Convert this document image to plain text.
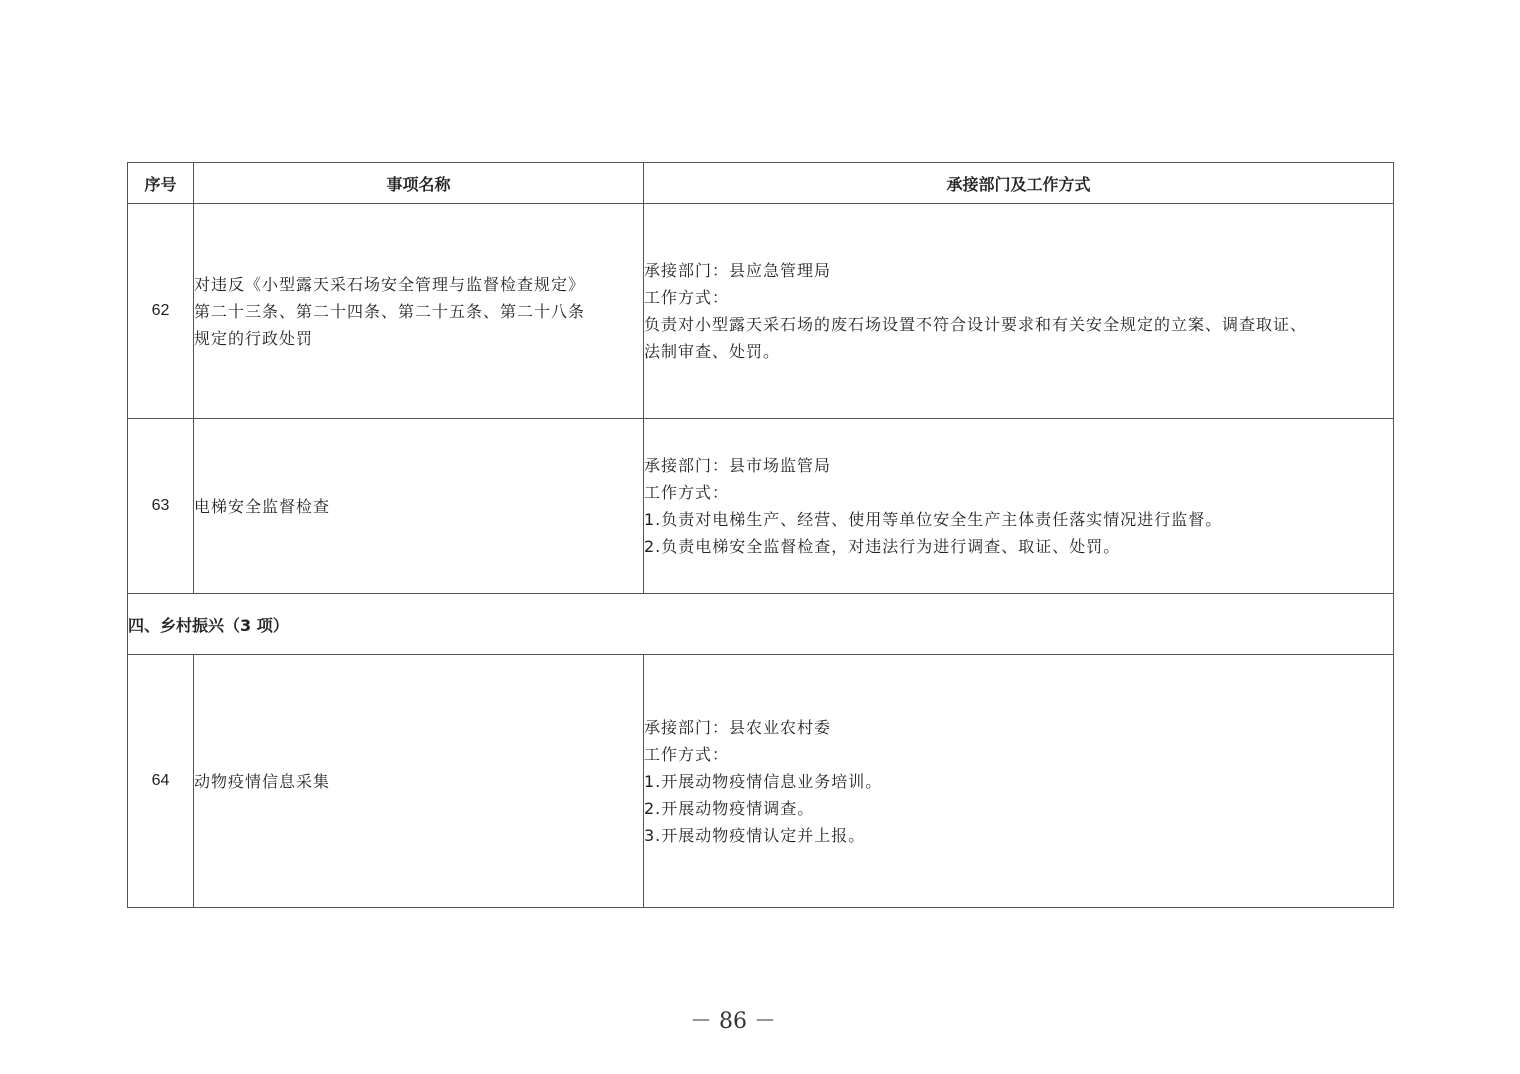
序号	事项名称	承接部门及工作方式
62	对违反《小型露天采石场安全管理与监督检查规定》
第二十三条、第二十四条、第二十五条、第二十八条
规定的行政处罚	承接部门：县应急管理局
工作方式：
负责对小型露天采石场的废石场设置不符合设计要求和有关安全规定的立案、调查取证、
法制审查、处罚。

63	电梯安全监督检查	承接部门：县市场监管局
工作方式：
1.负责对电梯生产、经营、使用等单位安全生产主体责任落实情况进行监督。
2.负责电梯安全监督检查，对违法行为进行调查、取证、处罚。

四、乡村振兴（3 项）		
64	动物疫情信息采集	承接部门：县农业农村委
工作方式：
1.开展动物疫情信息业务培训。
2.开展动物疫情调查。
3.开展动物疫情认定并上报。
－ 86 －
